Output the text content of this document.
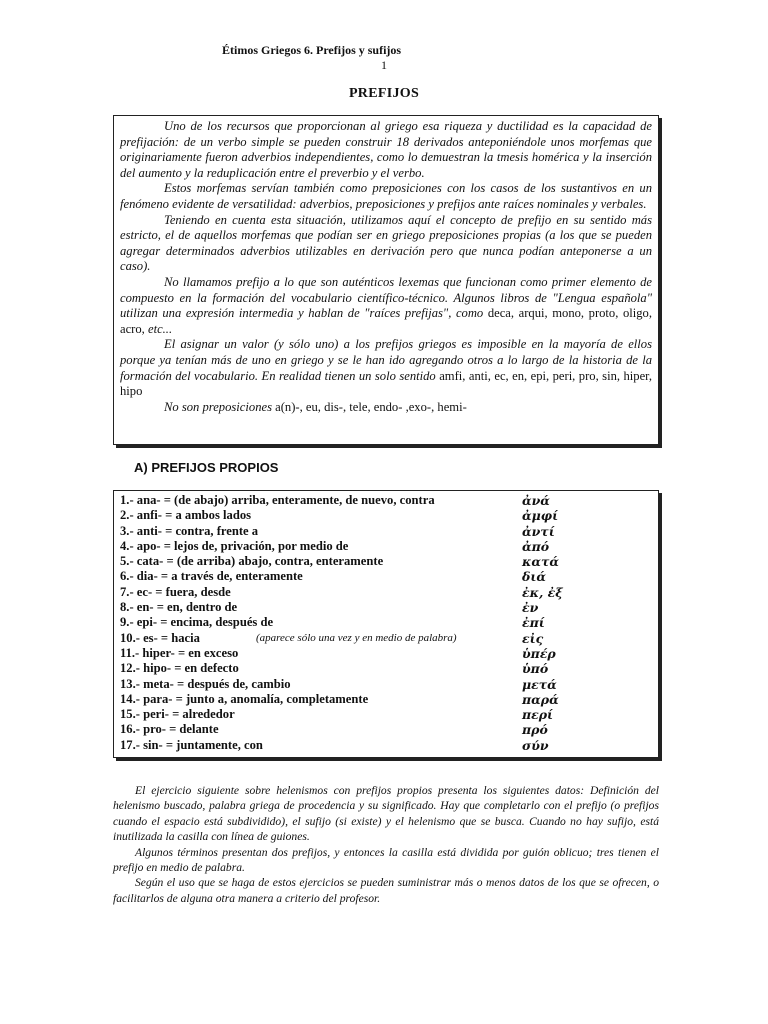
Étimos Griegos 6. Prefijos y sufijos
1
PREFIJOS

Uno de los recursos que proporcionan al griego esa riqueza y ductilidad es la capacidad de prefijación: de un verbo simple se pueden construir 18 derivados anteponiéndole unos morfemas que originariamente fueron adverbios independientes, como lo demuestran la tmesis homérica y la inserción del aumento y la reduplicación entre el preverbio y el verbo.

Estos morfemas servían también como preposiciones con los casos de los sustantivos en un fenómeno evidente de versatilidad: adverbios, preposiciones y prefijos ante raíces nominales y verbales.

Teniendo en cuenta esta situación, utilizamos aquí el concepto de prefijo en su sentido más estricto, el de aquellos morfemas que podían ser en griego preposiciones propias (a los que se pueden agregar determinados adverbios utilizables en derivación pero que nunca podían anteponerse a un caso).

No llamamos prefijo a lo que son auténticos lexemas que funcionan como primer elemento de compuesto en la formación del vocabulario científico-técnico. Algunos libros de "Lengua española" utilizan una expresión intermedia y hablan de "raíces prefijas", como deca, arqui, mono, proto, oligo, acro, etc...

El asignar un valor (y sólo uno) a los prefijos griegos es imposible en la mayoría de ellos porque ya tenían más de uno en griego y se le han ido agregando otros a lo largo de la historia de la formación del vocabulario. En realidad tienen un solo sentido amfi, anti, ec, en, epi, peri, pro, sin, hiper, hipo

No son preposiciones a(n)-, eu, dis-, tele, endo- ,exo-, hemi-

A) PREFIJOS PROPIOS
1.- ana- = (de abajo) arriba, enteramente, de nuevo, contra	ἀνά
2.- anfi- = a ambos lados	ἀμφί
3.- anti- = contra, frente a	ἀντί
4.- apo- = lejos de, privación, por medio de	ἀπό
5.- cata- = (de arriba) abajo, contra, enteramente	κατά
6.- dia- = a través de, enteramente	διά
7.- ec- = fuera, desde	ἐκ, ἐξ
8.- en- = en, dentro de	ἐν
9.- epi- = encima, después de	ἐπί
10.- es- = hacia	(aparece sólo una vez y en medio de palabra)	εἰς
11.- hiper- = en exceso	ὑπέρ
12.- hipo- = en defecto	ὑπό
13.- meta- = después de, cambio	μετά
14.- para- = junto a, anomalía, completamente	παρά
15.- peri- = alrededor	περί
16.- pro- = delante	πρό
17.- sin- = juntamente, con	σύν

El ejercicio siguiente sobre helenismos con prefijos propios presenta los siguientes datos: Definición del helenismo buscado, palabra griega de procedencia y su significado. Hay que completarlo con el prefijo (o prefijos cuando el espacio está subdividido), el sufijo (si existe) y el helenismo que se busca. Cuando no hay sufijo, está inutilizada la casilla con línea de guiones.

Algunos términos presentan dos prefijos, y entonces la casilla está dividida por guión oblicuo; tres tienen el prefijo en medio de palabra.

Según el uso que se haga de estos ejercicios se pueden suministrar más o menos datos de los que se ofrecen, o facilitarlos de alguna otra manera a criterio del profesor.
